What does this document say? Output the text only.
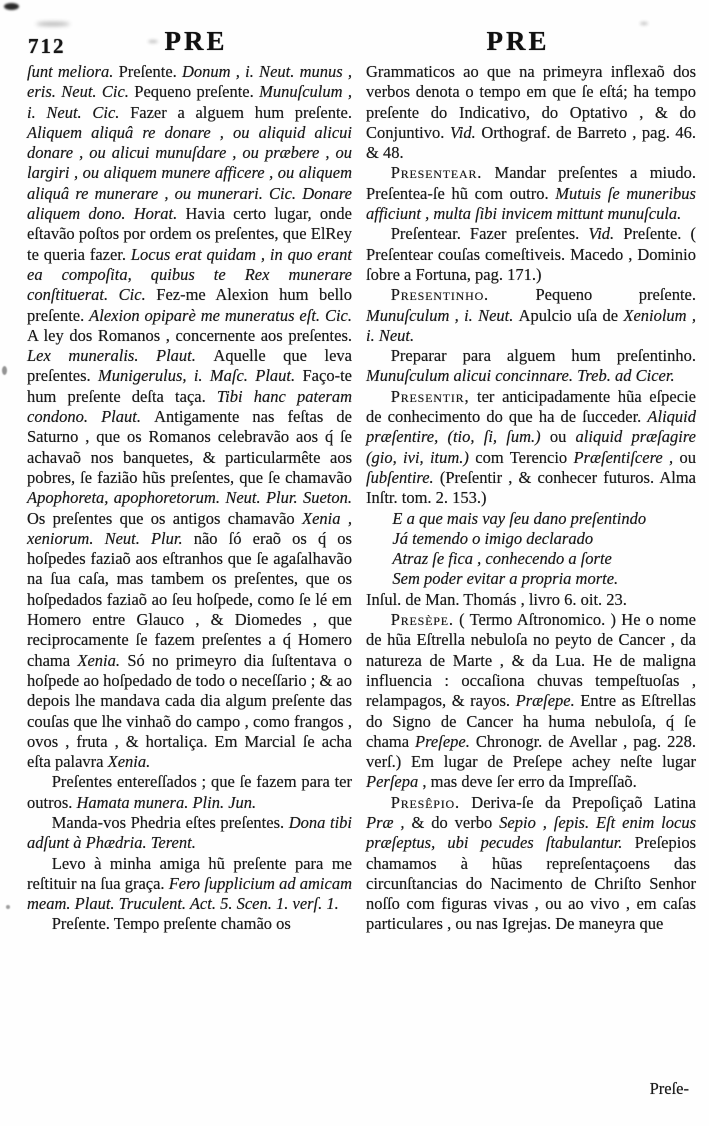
712	PRE	PRE

ſunt meliora. Preſente. Donum , i. Neut. munus , eris. Neut. Cic. Pequeno preſente. Munuſculum , i. Neut. Cic. Fazer a alguem hum preſente. Aliquem aliquâ re donare , ou aliquid alicui donare , ou alicui munuſdare , ou præbere , ou largiri , ou aliquem munere afficere , ou aliquem aliquâ re munerare , ou munerari. Cic. Donare aliquem dono. Horat. Havia certo lugar, onde eſtavão poſtos por ordem os preſentes, que ElRey te queria fazer. Locus erat quidam , in quo erant ea compoſita, quibus te Rex munerare conſtituerat. Cic. Fez-me Alexion hum bello preſente. Alexion opiparè me muneratus eſt. Cic. A ley dos Romanos , concernente aos preſentes. Lex muneralis. Plaut. Aquelle que leva preſentes. Munigerulus, i. Maſc. Plaut. Faço-te hum preſente deſta taça. Tibi hanc pateram condono. Plaut. Antigamente nas feſtas de Saturno , que os Romanos celebravão aos q́ ſe achavaõ nos banquetes, & particularmête aos pobres, ſe fazião hũs preſentes, que ſe chamavão Apophoreta, apophoretorum. Neut. Plur. Sueton. Os preſentes que os antigos chamavão Xenia , xeniorum. Neut. Plur. não ſó eraõ os q́ os hoſpedes faziaõ aos eſtranhos que ſe agaſalhavão na ſua caſa, mas tambem os preſentes, que os hoſpedados faziaõ ao ſeu hoſpede, como ſe lé em Homero entre Glauco , & Diomedes , que reciprocamente ſe fazem preſentes a q́ Homero chama Xenia. Só no primeyro dia ſuſtentava o hoſpede ao hoſpedado de todo o neceſſario ; & ao depois lhe mandava cada dia algum preſente das couſas que lhe vinhaõ do campo , como frangos , ovos , fruta , & hortaliça. Em Marcial ſe acha eſta palavra Xenia.

Preſentes entereſſados ; que ſe fazem para ter outros. Hamata munera. Plin. Jun.

Manda-vos Phedria eſtes preſentes. Dona tibi adſunt à Phædria. Terent.

Levo à minha amiga hũ preſente para me reſtituir na ſua graça. Fero ſupplicium ad amicam meam. Plaut. Truculent. Act. 5. Scen. 1. verſ. 1.

Preſente. Tempo preſente chamão os

Grammaticos ao que na primeyra inflexaõ dos verbos denota o tempo em que ſe eſtá; ha tempo preſente do Indicativo, do Optativo , & do Conjuntivo. Vid. Orthograf. de Barreto , pag. 46. & 48.

Presentear. Mandar preſentes a miudo. Preſentea-ſe hũ com outro. Mutuis ſe muneribus afficiunt , multa ſibi invicem mittunt munuſcula.

Preſentear. Fazer preſentes. Vid. Preſente. ( Preſentear couſas comeſtiveis. Macedo , Dominio ſobre a Fortuna, pag. 171.)

Presentinho. Pequeno preſente. Munuſculum , i. Neut. Apulcio uſa de Xeniolum , i. Neut.

Preparar para alguem hum preſentinho. Munuſculum alicui concinnare. Treb. ad Cicer.

Presentir, ter anticipadamente hũa eſpecie de conhecimento do que ha de ſucceder. Aliquid præſentire, (tio, ſi, ſum.) ou aliquid præſagire (gio, ivi, itum.) com Terencio Præſentiſcere , ou ſubſentire. (Preſentir , & conhecer futuros. Alma Inſtr. tom. 2. 153.)

E a que mais vay ſeu dano preſentindo

Já temendo o imigo declarado

Atraz ſe fica , conhecendo a ſorte

Sem poder evitar a propria morte.

Inſul. de Man. Thomás , livro 6. oit. 23.

Presèpe. ( Termo Aſtronomico. ) He o nome de hũa Eſtrella nebuloſa no peyto de Cancer , da natureza de Marte , & da Lua. He de maligna influencia : occaſiona chuvas tempeſtuoſas , relampagos, & rayos. Præſepe. Entre as Eſtrellas do Signo de Cancer ha huma nebuloſa, q́ ſe chama Preſepe. Chronogr. de Avellar , pag. 228. verſ.) Em lugar de Preſepe achey neſte lugar Perſepa , mas deve ſer erro da Impreſſaõ.

Presêpio. Deriva-ſe da Prepoſiçaõ Latina Præ , & do verbo Sepio , ſepis. Eſt enim locus præſeptus, ubi pecudes ſtabulantur. Preſepios chamamos à hũas repreſentaçoens das circunſtancias do Nacimento de Chriſto Senhor noſſo com figuras vivas , ou ao vivo , em caſas particulares , ou nas Igrejas. De maneyra que

Preſe-
